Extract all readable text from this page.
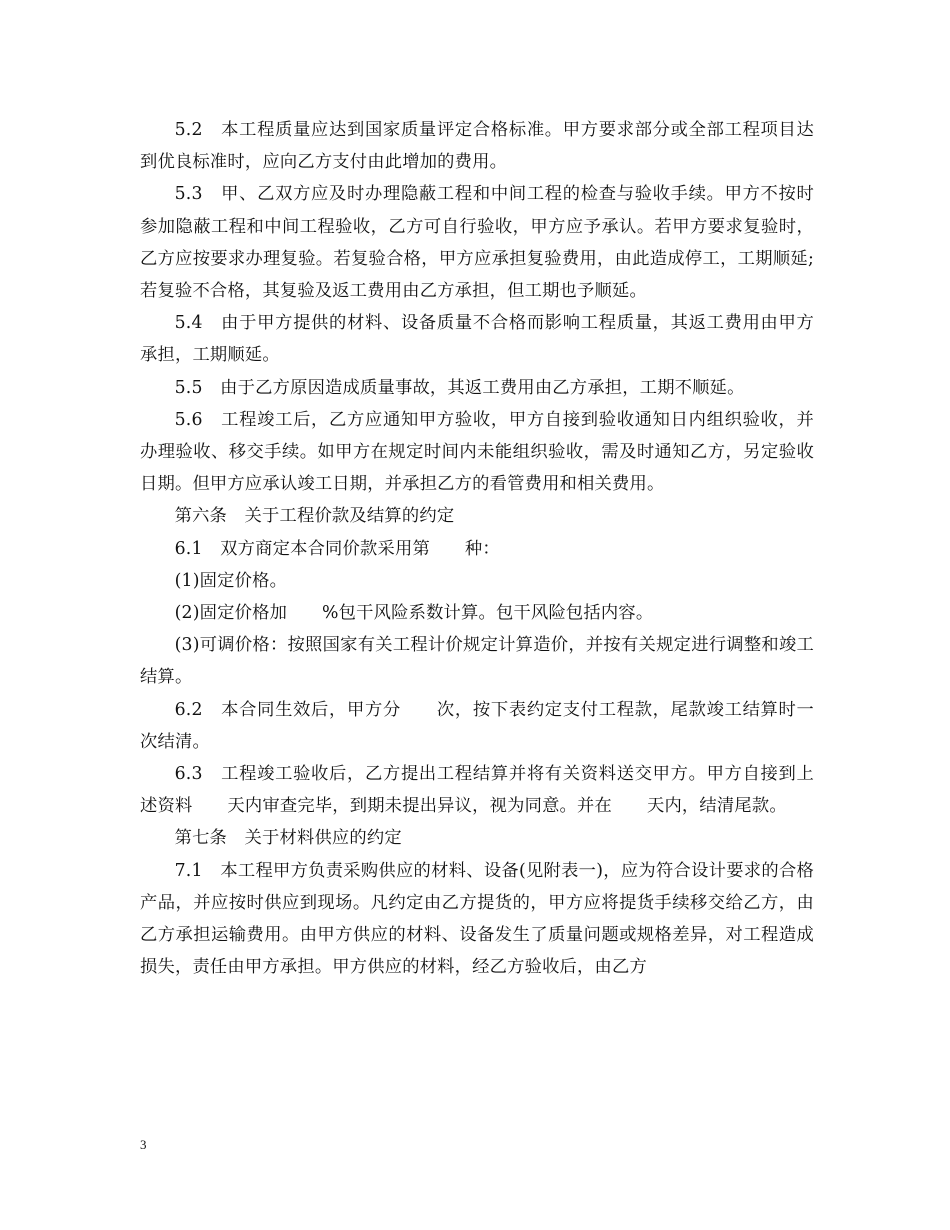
5.2　本工程质量应达到国家质量评定合格标准。甲方要求部分或全部工程项目达到优良标准时，应向乙方支付由此增加的费用。

5.3　甲、乙双方应及时办理隐蔽工程和中间工程的检查与验收手续。甲方不按时参加隐蔽工程和中间工程验收，乙方可自行验收，甲方应予承认。若甲方要求复验时，乙方应按要求办理复验。若复验合格，甲方应承担复验费用，由此造成停工，工期顺延;若复验不合格，其复验及返工费用由乙方承担，但工期也予顺延。

5.4　由于甲方提供的材料、设备质量不合格而影响工程质量，其返工费用由甲方承担，工期顺延。

5.5　由于乙方原因造成质量事故，其返工费用由乙方承担，工期不顺延。

5.6　工程竣工后，乙方应通知甲方验收，甲方自接到验收通知日内组织验收，并办理验收、移交手续。如甲方在规定时间内未能组织验收，需及时通知乙方，另定验收日期。但甲方应承认竣工日期，并承担乙方的看管费用和相关费用。

第六条　关于工程价款及结算的约定

6.1　双方商定本合同价款采用第　　种：

(1)固定价格。

(2)固定价格加　　%包干风险系数计算。包干风险包括内容。

(3)可调价格：按照国家有关工程计价规定计算造价，并按有关规定进行调整和竣工结算。

6.2　本合同生效后，甲方分　　次，按下表约定支付工程款，尾款竣工结算时一次结清。

6.3　工程竣工验收后，乙方提出工程结算并将有关资料送交甲方。甲方自接到上述资料　　天内审查完毕，到期未提出异议，视为同意。并在　　天内，结清尾款。

第七条　关于材料供应的约定

7.1　本工程甲方负责采购供应的材料、设备(见附表一)，应为符合设计要求的合格产品，并应按时供应到现场。凡约定由乙方提货的，甲方应将提货手续移交给乙方，由乙方承担运输费用。由甲方供应的材料、设备发生了质量问题或规格差异，对工程造成损失，责任由甲方承担。甲方供应的材料，经乙方验收后，由乙方

3
